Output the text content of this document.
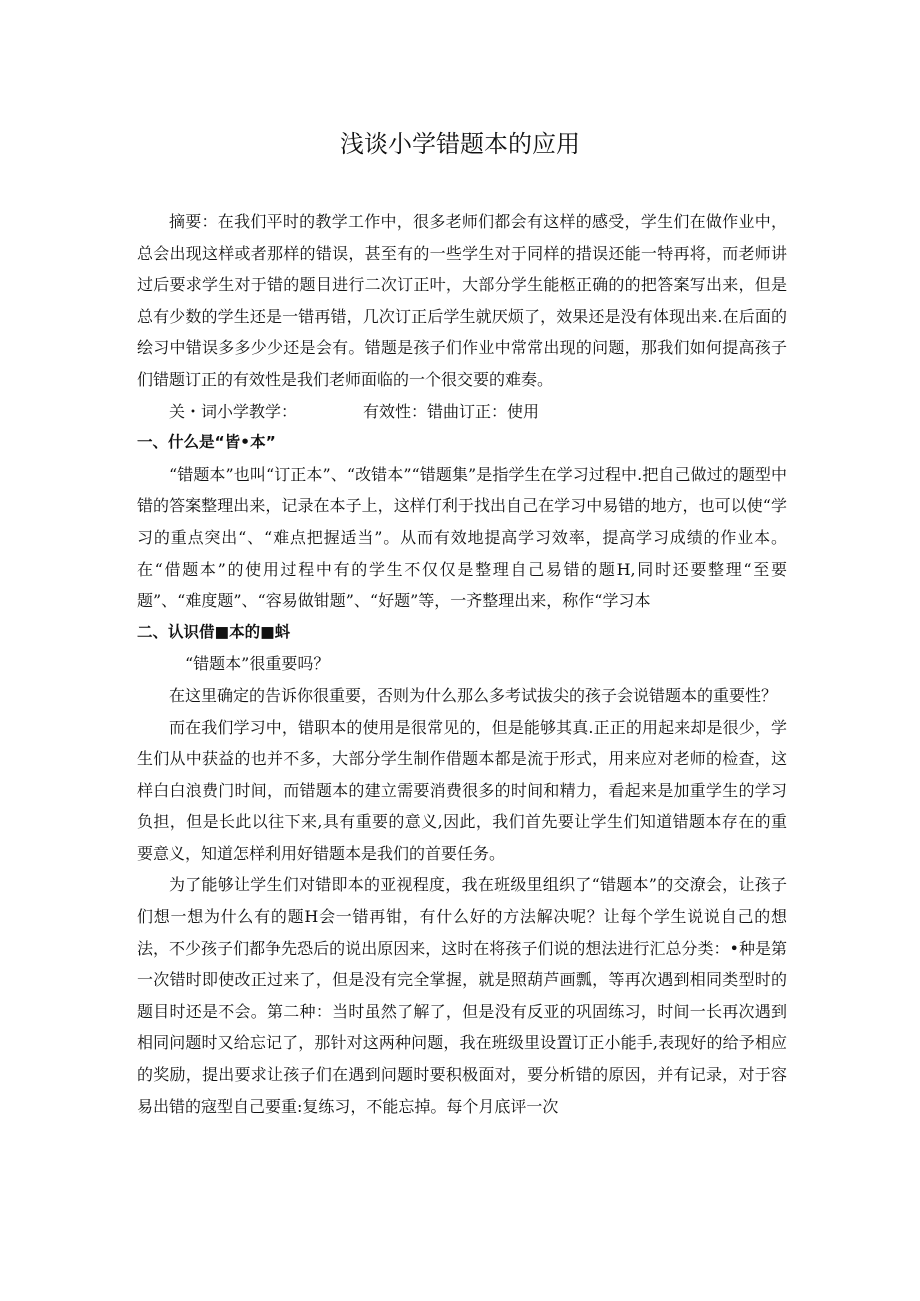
浅谈小学错题本的应用

摘要：在我们平时的教学工作中，很多老师们都会有这样的感受，学生们在做作业中，总会出现这样或者那样的错误，甚至有的一些学生对于同样的措误还能一特再将，而老师讲过后要求学生对于错的题目进行二次订正叶，大部分学生能柩正确的的把答案写出来，但是总有少数的学生还是一错再错，几次订正后学生就厌烦了，效果还是没有体现出来.在后面的绘习中错误多多少少还是会有。错题是孩子们作业中常常出现的问题，那我们如何提高孩子们错题订正的有效性是我们老师面临的一个很交要的难奏。

关・词小学教学：	有效性：错曲订正：使用

一、什么是“皆•本”

“错题本”也叫“订正本”、“改错本”“错题集”是指学生在学习过程中.把自己做过的题型中错的答案整理出来，记录在本子上，这样仃利于找出自己在学习中易错的地方，也可以使“学习的重点突出“、“难点把握适当”。从而有效地提高学习效率，提高学习成绩的作业本。在“借题本”的使用过程中有的学生不仅仅是整理自己易错的题H,同时还要整理“至要题”、“难度题”、“容易做钳题”、“好题”等，一齐整理出来，称作“学习本

二、认识借■本的■蚪

“错题本”很重要吗？

在这里确定的告诉你很重要，否则为什么那么多考试拔尖的孩子会说错题本的重要性？

而在我们学习中，错职本的使用是很常见的，但是能够其真.正正的用起来却是很少，学生们从中获益的也并不多，大部分学生制作借题本都是流于形式，用来应对老师的检查，这样白白浪费门时间，而错题本的建立需要消费很多的时间和精力，看起来是加重学生的学习负担，但是长此以往下来,具有重要的意义,因此，我们首先要让学生们知道错题本存在的重要意义，知道怎样利用好错题本是我们的首要任务。

为了能够让学生们对错即本的亚视程度，我在班级里组织了“错题本”的交潦会，让孩子们想一想为什么有的题H会一错再钳，有什么好的方法解决呢？让每个学生说说自己的想法，不少孩子们都争先恐后的说出原因来，这时在将孩子们说的想法进行汇总分类：•种是第一次错时即使改正过来了，但是没有完全掌握，就是照葫芦画瓢，等再次遇到相同类型时的题目时还是不会。第二种：当时虽然了解了，但是没有反亚的巩固练习，时间一长再次遇到相同问题时又给忘记了，那针对这两种问题，我在班级里设置订正小能手,表现好的给予相应的奖励，提出要求让孩子们在遇到问题时要积极面对，要分析错的原因，并有记录，对于容易出错的寇型自己要重:复练习，不能忘掉。每个月底评一次
